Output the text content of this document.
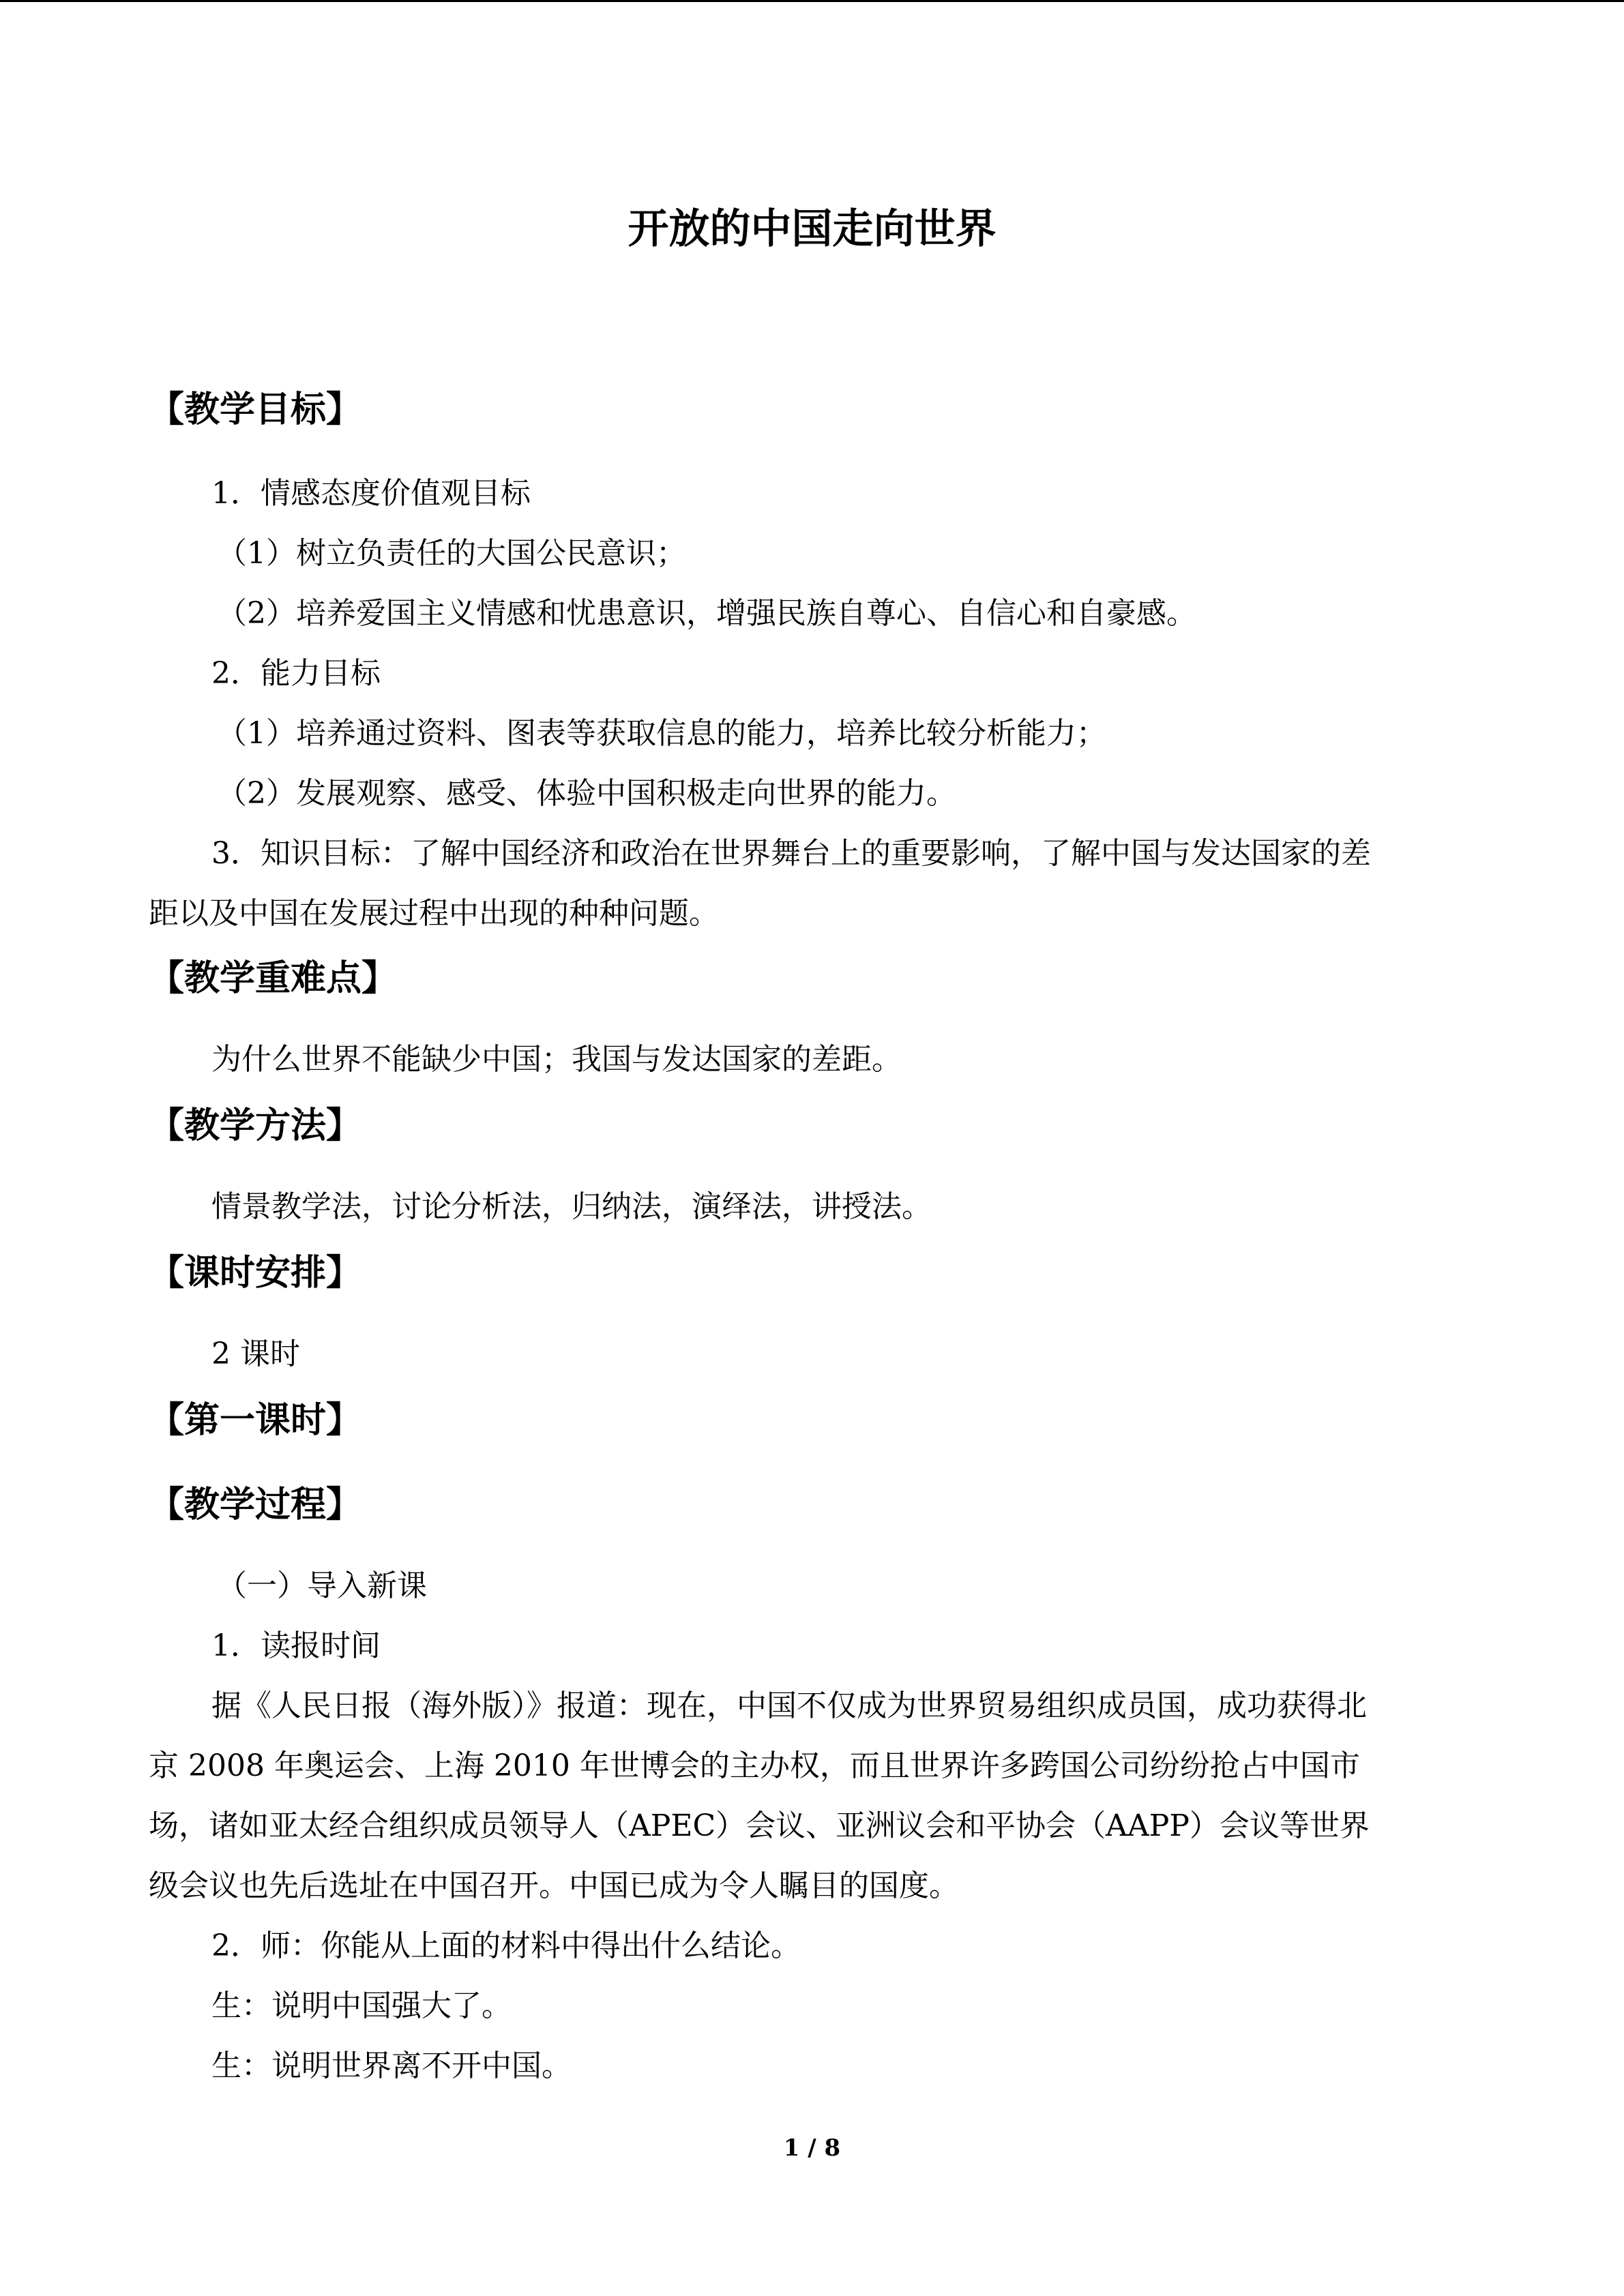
开放的中国走向世界
【教学目标】
1．情感态度价值观目标
（1）树立负责任的大国公民意识；
（2）培养爱国主义情感和忧患意识，增强民族自尊心、自信心和自豪感。
2．能力目标
（1）培养通过资料、图表等获取信息的能力，培养比较分析能力；
（2）发展观察、感受、体验中国积极走向世界的能力。
3．知识目标：了解中国经济和政治在世界舞台上的重要影响，了解中国与发达国家的差
距以及中国在发展过程中出现的种种问题。
【教学重难点】
为什么世界不能缺少中国；我国与发达国家的差距。
【教学方法】
情景教学法，讨论分析法，归纳法，演绎法，讲授法。
【课时安排】
2 课时
【第一课时】
【教学过程】
（一）导入新课
1．读报时间
据《人民日报（海外版）》报道：现在，中国不仅成为世界贸易组织成员国，成功获得北
京 2008 年奥运会、上海 2010 年世博会的主办权，而且世界许多跨国公司纷纷抢占中国市
场，诸如亚太经合组织成员领导人（APEC）会议、亚洲议会和平协会（AAPP）会议等世界
级会议也先后选址在中国召开。中国已成为令人瞩目的国度。
2．师：你能从上面的材料中得出什么结论。
生：说明中国强大了。
生：说明世界离不开中国。
1 / 8
